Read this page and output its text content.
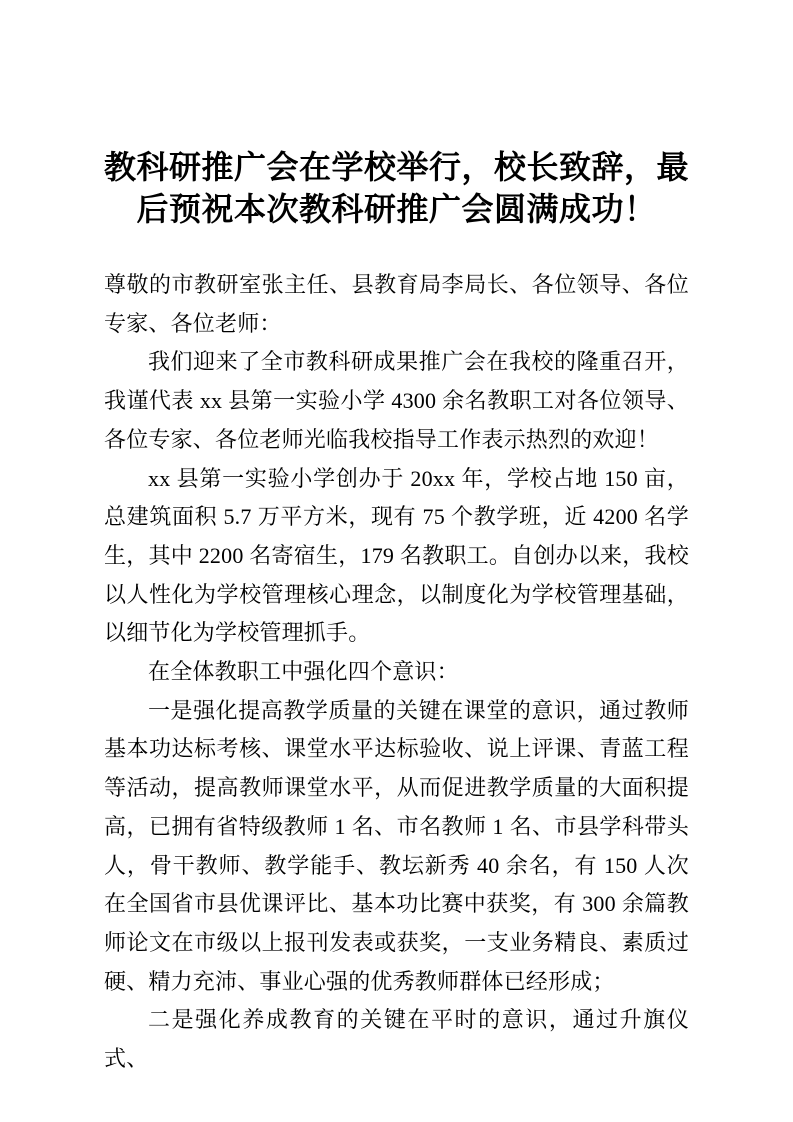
教科研推广会在学校举行，校长致辞，最
后预祝本次教科研推广会圆满成功！

尊敬的市教研室张主任、县教育局李局长、各位领导、各位专家、各位老师：

我们迎来了全市教科研成果推广会在我校的隆重召开，我谨代表 xx 县第一实验小学 4300 余名教职工对各位领导、各位专家、各位老师光临我校指导工作表示热烈的欢迎！

xx 县第一实验小学创办于 20xx 年，学校占地 150 亩，总建筑面积 5.7 万平方米，现有 75 个教学班，近 4200 名学生，其中 2200 名寄宿生，179 名教职工。自创办以来，我校以人性化为学校管理核心理念，以制度化为学校管理基础，以细节化为学校管理抓手。

在全体教职工中强化四个意识：

一是强化提高教学质量的关键在课堂的意识，通过教师基本功达标考核、课堂水平达标验收、说上评课、青蓝工程等活动，提高教师课堂水平，从而促进教学质量的大面积提高，已拥有省特级教师 1 名、市名教师 1 名、市县学科带头人，骨干教师、教学能手、教坛新秀 40 余名，有 150 人次在全国省市县优课评比、基本功比赛中获奖，有 300 余篇教师论文在市级以上报刊发表或获奖，一支业务精良、素质过硬、精力充沛、事业心强的优秀教师群体已经形成；

二是强化养成教育的关键在平时的意识，通过升旗仪式、
